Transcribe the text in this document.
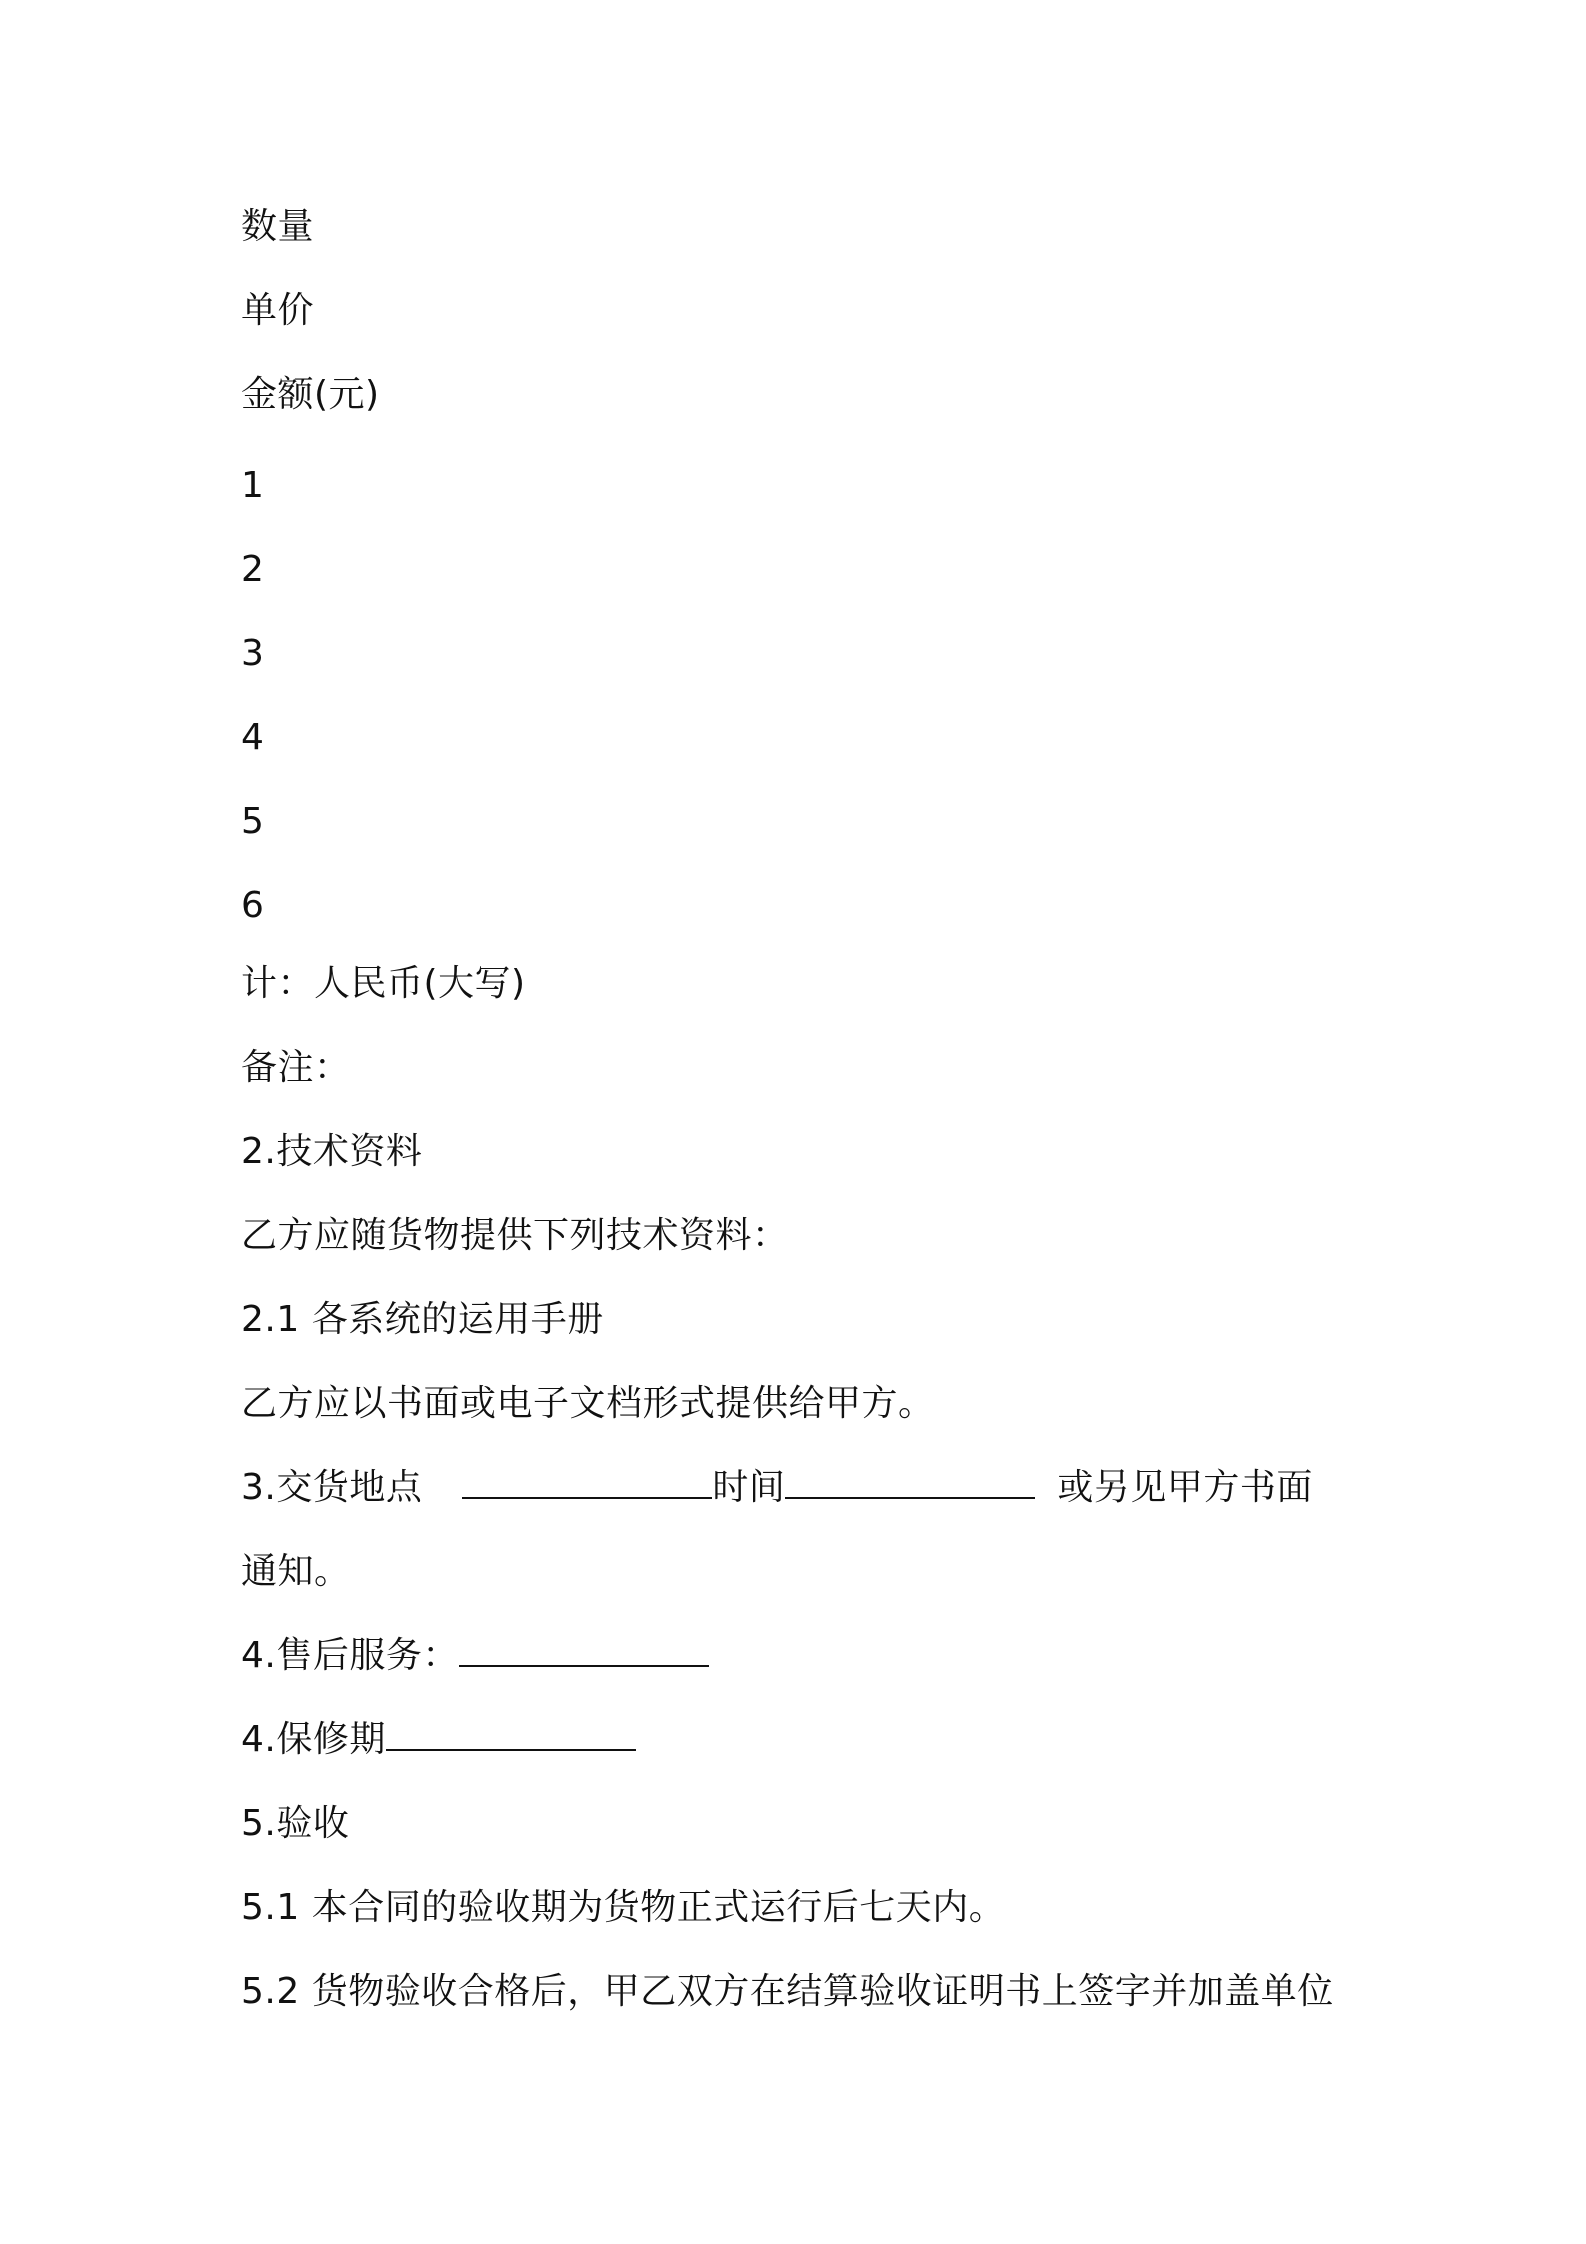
数量
单价
金额(元)
1
2
3
4
5
6
计：人民币(大写)
备注：
2.技术资料
乙方应随货物提供下列技术资料：
2.1 各系统的运用手册
乙方应以书面或电子文档形式提供给甲方。
3.交货地点	时间	或另见甲方书面
通知。
4.售后服务：
4.保修期
5.验收
5.1 本合同的验收期为货物正式运行后七天内。
5.2 货物验收合格后，甲乙双方在结算验收证明书上签字并加盖单位
